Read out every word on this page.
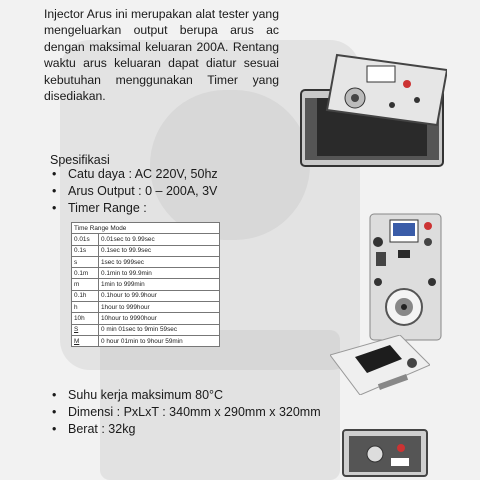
Injector Arus ini merupakan alat tester yang mengeluarkan output berupa arus ac dengan maksimal keluaran 200A. Rentang waktu arus keluaran dapat diatur sesuai kebutuhan menggunakan Timer yang disediakan.
Spesifikasi
• Catu daya : AC 220V, 50hz
• Arus Output : 0 – 200A, 3V
• Timer Range :
Time Range Mode	
0.01s	0.01sec to 9.99sec
0.1s	0.1sec to 99.9sec
s	1sec to 999sec
0.1m	0.1min to 99.9min
m	1min to 999min
0.1h	0.1hour to 99.9hour
h	1hour to 999hour
10h	10hour to 9990hour
S	0 min 01sec to 9min 59sec
M	0 hour 01min to 9hour 59min
• Suhu kerja maksimum 80°C
• Dimensi : PxLxT : 340mm x 290mm x 320mm
• Berat : 32kg
